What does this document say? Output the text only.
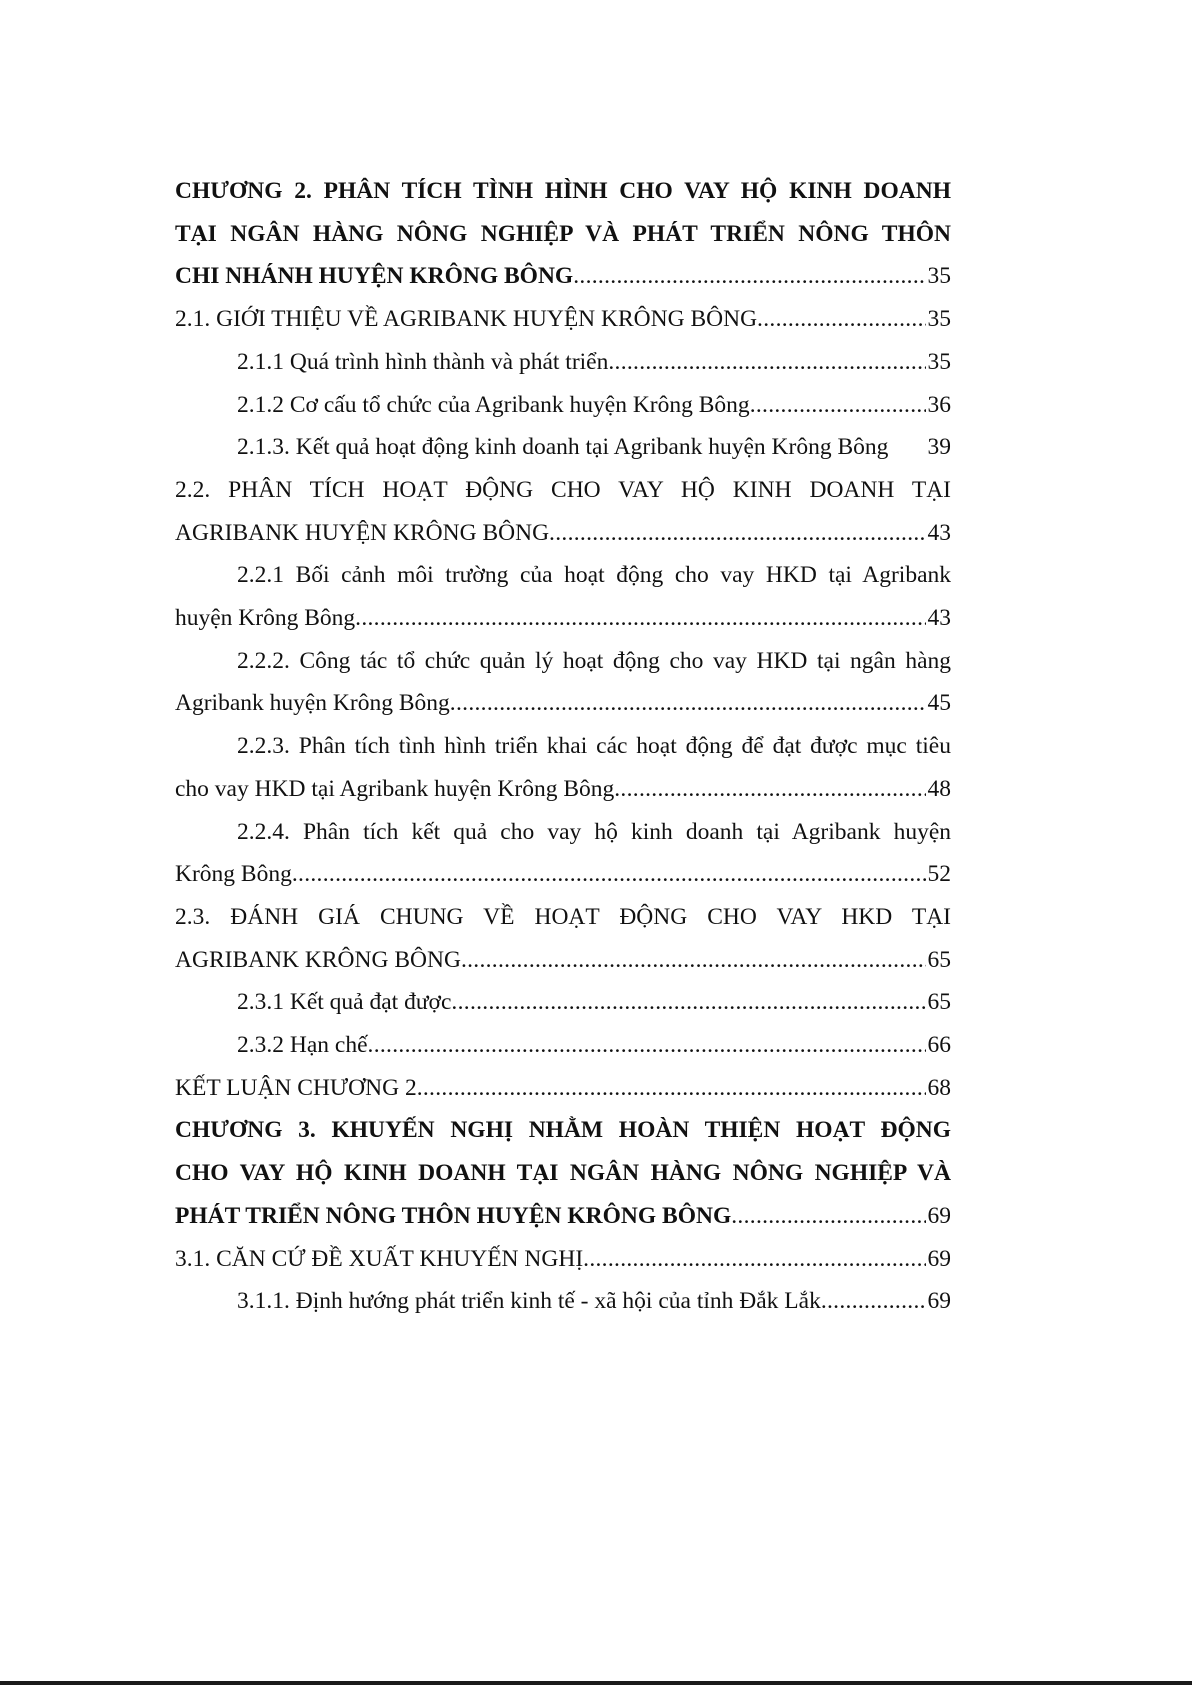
CHƯƠNG 2. PHÂN TÍCH TÌNH HÌNH CHO VAY HỘ KINH DOANH
TẠI NGÂN HÀNG NÔNG NGHIỆP VÀ PHÁT TRIỂN NÔNG THÔN
CHI NHÁNH HUYỆN KRÔNG BÔNG .....	35
2.1. GIỚI THIỆU VỀ AGRIBANK HUYỆN KRÔNG BÔNG .....	35
2.1.1 Quá trình hình thành và phát triển .....	35
2.1.2 Cơ cấu tổ chức của Agribank huyện Krông Bông .....	36
2.1.3. Kết quả hoạt động kinh doanh tại Agribank huyện Krông Bông 39
2.2. PHÂN TÍCH HOẠT ĐỘNG CHO VAY HỘ KINH DOANH TẠI
AGRIBANK HUYỆN KRÔNG BÔNG .....	43
2.2.1 Bối cảnh môi trường của hoạt động cho vay HKD tại Agribank
huyện Krông Bông .....	43
2.2.2. Công tác tổ chức quản lý hoạt động cho vay HKD tại ngân hàng
Agribank huyện Krông Bông .....	45
2.2.3. Phân tích tình hình triển khai các hoạt động để đạt được mục tiêu
cho vay HKD tại Agribank huyện Krông Bông .....	48
2.2.4. Phân tích kết quả cho vay hộ kinh doanh tại Agribank huyện
Krông Bông .....	52
2.3. ĐÁNH GIÁ CHUNG VỀ HOẠT ĐỘNG CHO VAY HKD TẠI
AGRIBANK KRÔNG BÔNG .....	65
2.3.1 Kết quả đạt được .....	65
2.3.2 Hạn chế .....	66
KẾT LUẬN CHƯƠNG 2 .....	68
CHƯƠNG 3. KHUYẾN NGHỊ NHẰM HOÀN THIỆN HOẠT ĐỘNG
CHO VAY HỘ KINH DOANH TẠI NGÂN HÀNG NÔNG NGHIỆP VÀ
PHÁT TRIỂN NÔNG THÔN HUYỆN KRÔNG BÔNG .....	69
3.1. CĂN CỨ ĐỀ XUẤT KHUYẾN NGHỊ .....	69
3.1.1. Định hướng phát triển kinh tế - xã hội của tỉnh Đắk Lắk .....	69
